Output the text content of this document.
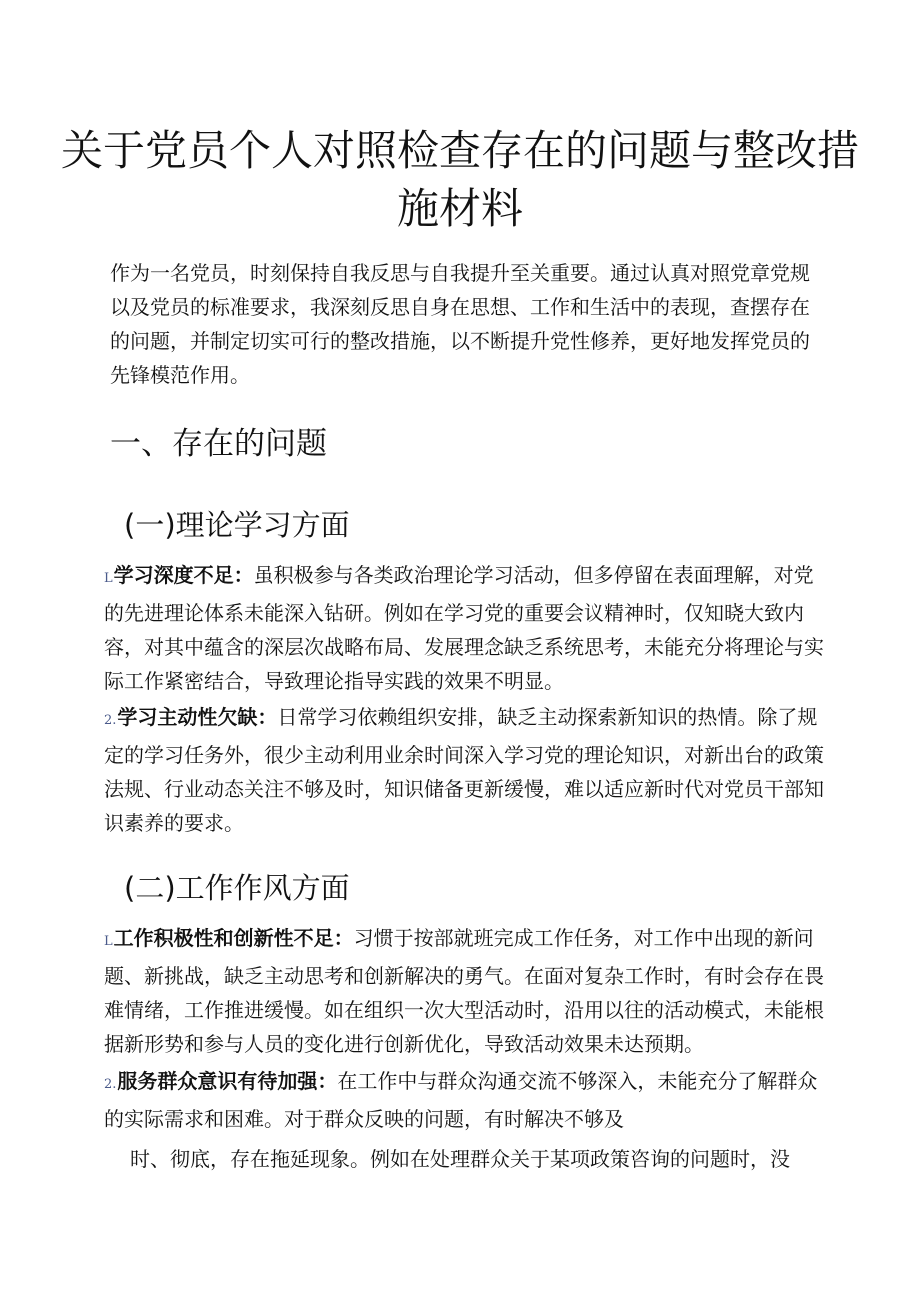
关于党员个人对照检查存在的问题与整改措施材料

作为一名党员，时刻保持自我反思与自我提升至关重要。通过认真对照党章党规以及党员的标准要求，我深刻反思自身在思想、工作和生活中的表现，查摆存在的问题，并制定切实可行的整改措施，以不断提升党性修养，更好地发挥党员的先锋模范作用。

一、存在的问题
(一)理论学习方面

L学习深度不足：虽积极参与各类政治理论学习活动，但多停留在表面理解，对党的先进理论体系未能深入钻研。例如在学习党的重要会议精神时，仅知晓大致内容，对其中蕴含的深层次战略布局、发展理念缺乏系统思考，未能充分将理论与实际工作紧密结合，导致理论指导实践的效果不明显。

2.学习主动性欠缺：日常学习依赖组织安排，缺乏主动探索新知识的热情。除了规定的学习任务外，很少主动利用业余时间深入学习党的理论知识，对新出台的政策法规、行业动态关注不够及时，知识储备更新缓慢，难以适应新时代对党员干部知识素养的要求。

(二)工作作风方面

L工作积极性和创新性不足：习惯于按部就班完成工作任务，对工作中出现的新问题、新挑战，缺乏主动思考和创新解决的勇气。在面对复杂工作时，有时会存在畏难情绪，工作推进缓慢。如在组织一次大型活动时，沿用以往的活动模式，未能根据新形势和参与人员的变化进行创新优化，导致活动效果未达预期。

2.服务群众意识有待加强：在工作中与群众沟通交流不够深入，未能充分了解群众的实际需求和困难。对于群众反映的问题，有时解决不够及

时、彻底，存在拖延现象。例如在处理群众关于某项政策咨询的问题时，没
